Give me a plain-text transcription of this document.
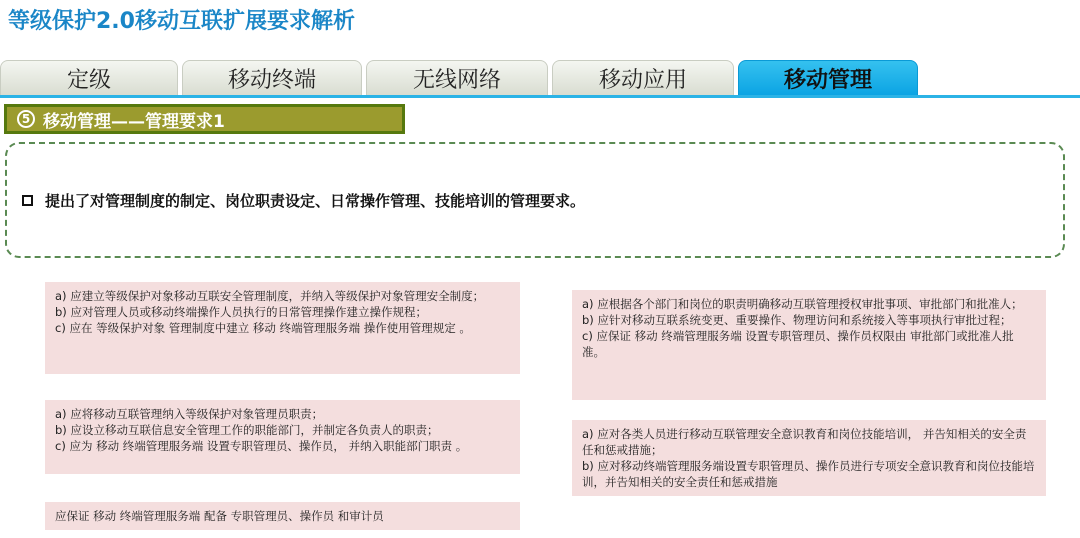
等级保护2.0移动互联扩展要求解析
定级	移动终端	无线网络	移动应用	移动管理
5 移动管理——管理要求1
提出了对管理制度的制定、岗位职责设定、日常操作管理、技能培训的管理要求。

a) 应建立等级保护对象移动互联安全管理制度，并纳入等级保护对象管理安全制度；

b) 应对管理人员或移动终端操作人员执行的日常管理操作建立操作规程；

c) 应在 等级保护对象 管理制度中建立 移动 终端管理服务端 操作使用管理规定 。

a) 应将移动互联管理纳入等级保护对象管理员职责；

b) 应设立移动互联信息安全管理工作的职能部门，并制定各负责人的职责；

c) 应为 移动 终端管理服务端 设置专职管理员、操作员， 并纳入职能部门职责 。

应保证 移动 终端管理服务端 配备 专职管理员、操作员 和审计员

a) 应根据各个部门和岗位的职责明确移动互联管理授权审批事项、审批部门和批准人；

b) 应针对移动互联系统变更、重要操作、物理访问和系统接入等事项执行审批过程；

c) 应保证 移动 终端管理服务端 设置专职管理员、操作员权限由 审批部门或批准人批准。

a) 应对各类人员进行移动互联管理安全意识教育和岗位技能培训， 并告知相关的安全责任和惩戒措施；

b) 应对移动终端管理服务端设置专职管理员、操作员进行专项安全意识教育和岗位技能培训，并告知相关的安全责任和惩戒措施
